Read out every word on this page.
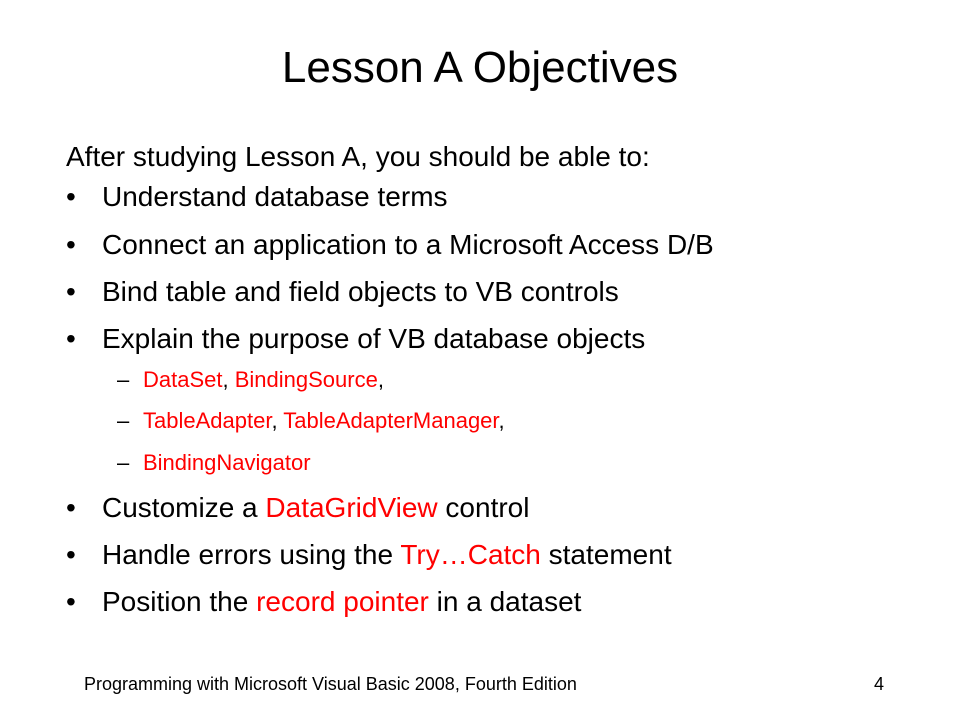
Lesson A Objectives
After studying Lesson A, you should be able to:
• Understand database terms
• Connect an application to a Microsoft Access D/B
• Bind table and field objects to VB controls
• Explain the purpose of VB database objects
– DataSet, BindingSource,
– TableAdapter, TableAdapterManager,
– BindingNavigator
• Customize a DataGridView control
• Handle errors using the Try…Catch statement
• Position the record pointer in a dataset
Programming with Microsoft Visual Basic 2008, Fourth Edition	4
